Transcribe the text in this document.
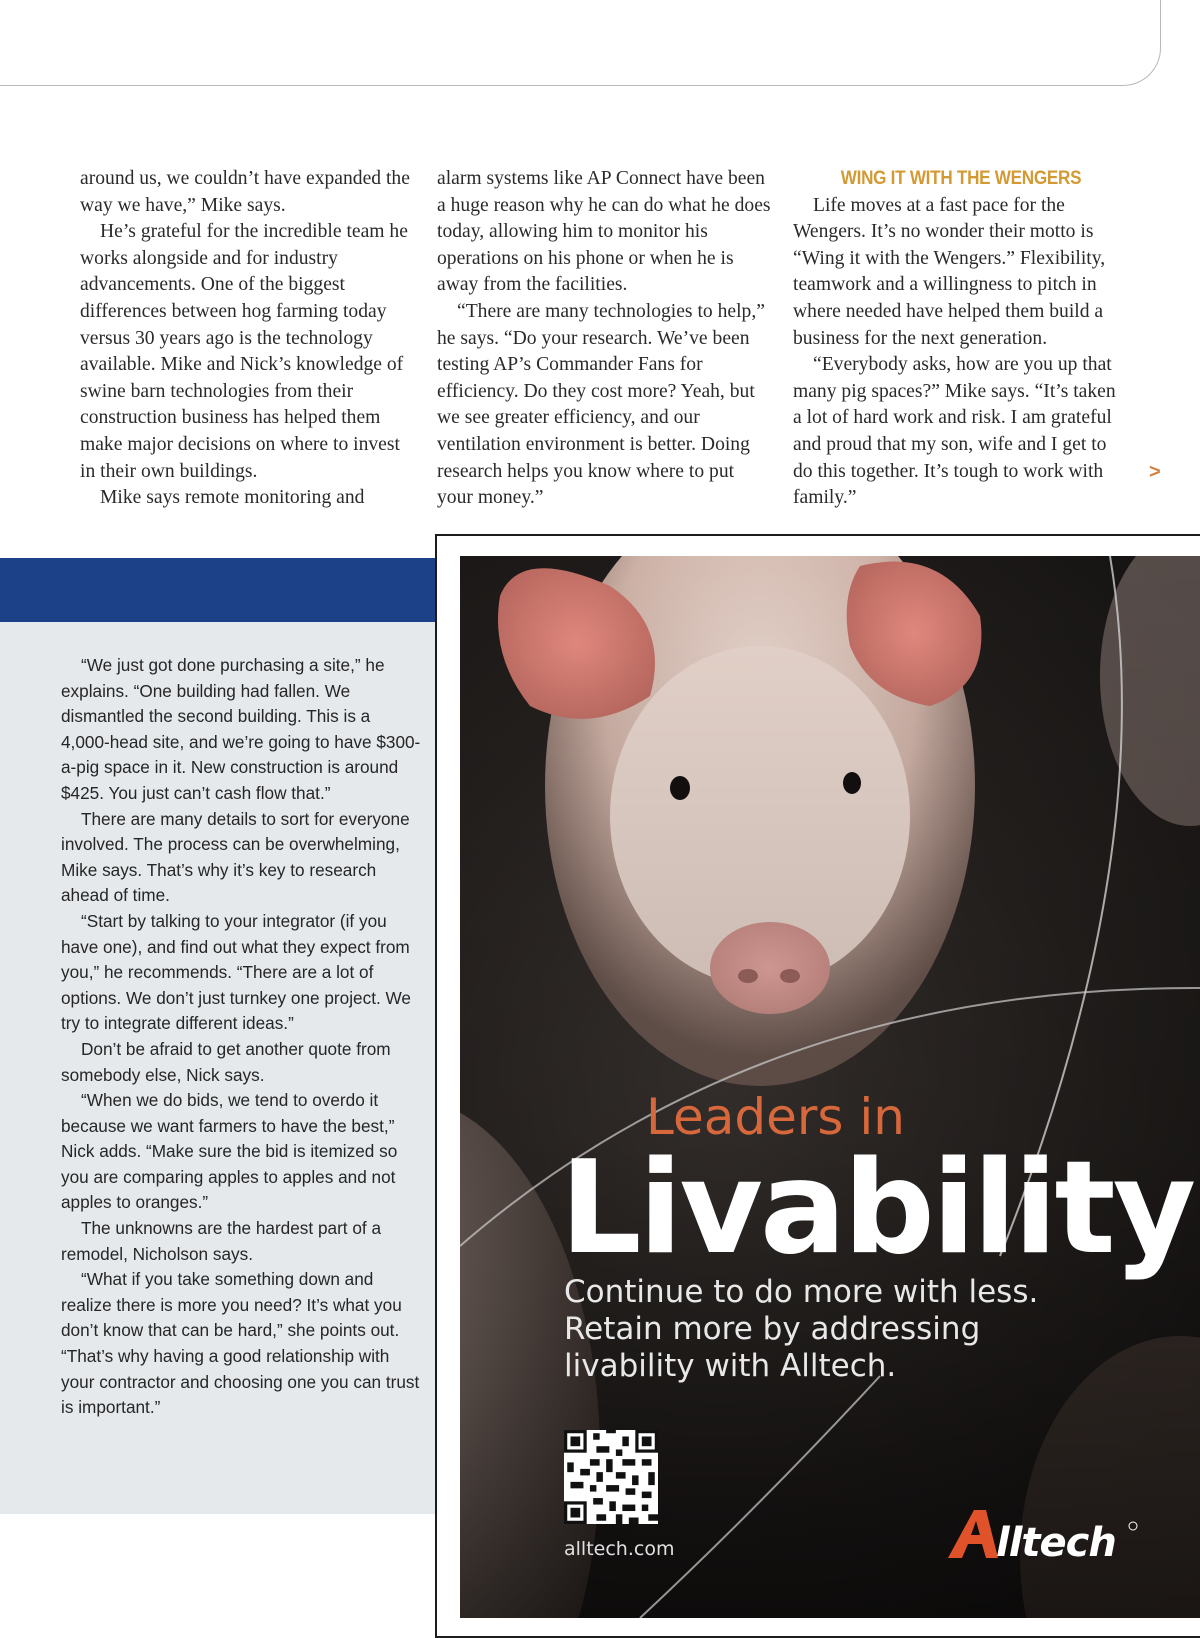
around us, we couldn’t have expanded the way we have,” Mike says.

He’s grateful for the incredible team he works alongside and for industry advancements. One of the biggest differences between hog farming today versus 30 years ago is the technology available. Mike and Nick’s knowledge of swine barn technologies from their construction business has helped them make major decisions on where to invest in their own buildings.

Mike says remote monitoring and

alarm systems like AP Connect have been a huge reason why he can do what he does today, allowing him to monitor his operations on his phone or when he is away from the facilities.

“There are many technologies to help,” he says. “Do your research. We’ve been testing AP’s Commander Fans for efficiency. Do they cost more? Yeah, but we see greater efficiency, and our ventilation environment is better. Doing research helps you know where to put your money.”

WING IT WITH THE WENGERS

Life moves at a fast pace for the Wengers. It’s no wonder their motto is “Wing it with the Wengers.” Flexibility, teamwork and a willingness to pitch in where needed have helped them build a business for the next generation.

“Everybody asks, how are you up that many pig spaces?” Mike says. “It’s taken a lot of hard work and risk. I am grateful and proud that my son, wife and I get to do this together. It’s tough to work with family.”

>

“We just got done purchasing a site,” he explains. “One building had fallen. We dismantled the second building. This is a 4,000-head site, and we’re going to have $300-a-pig space in it. New construction is around $425. You just can’t cash flow that.”

There are many details to sort for everyone involved. The process can be overwhelming, Mike says. That’s why it’s key to research ahead of time.

“Start by talking to your integrator (if you have one), and find out what they expect from you,” he recommends. “There are a lot of options. We don’t just turnkey one project. We try to integrate different ideas.”

Don’t be afraid to get another quote from somebody else, Nick says.

“When we do bids, we tend to overdo it because we want farmers to have the best,” Nick adds. “Make sure the bid is itemized so you are comparing apples to apples and not apples to oranges.”

The unknowns are the hardest part of a remodel, Nicholson says.

“What if you take something down and realize there is more you need? It’s what you don’t know that can be hard,” she points out. “That’s why having a good relationship with your contractor and choosing one you can trust is important.”

Leaders in
Livability
Continue to do more with less.
Retain more by addressing
livability with Alltech.
alltech.com	lltech
